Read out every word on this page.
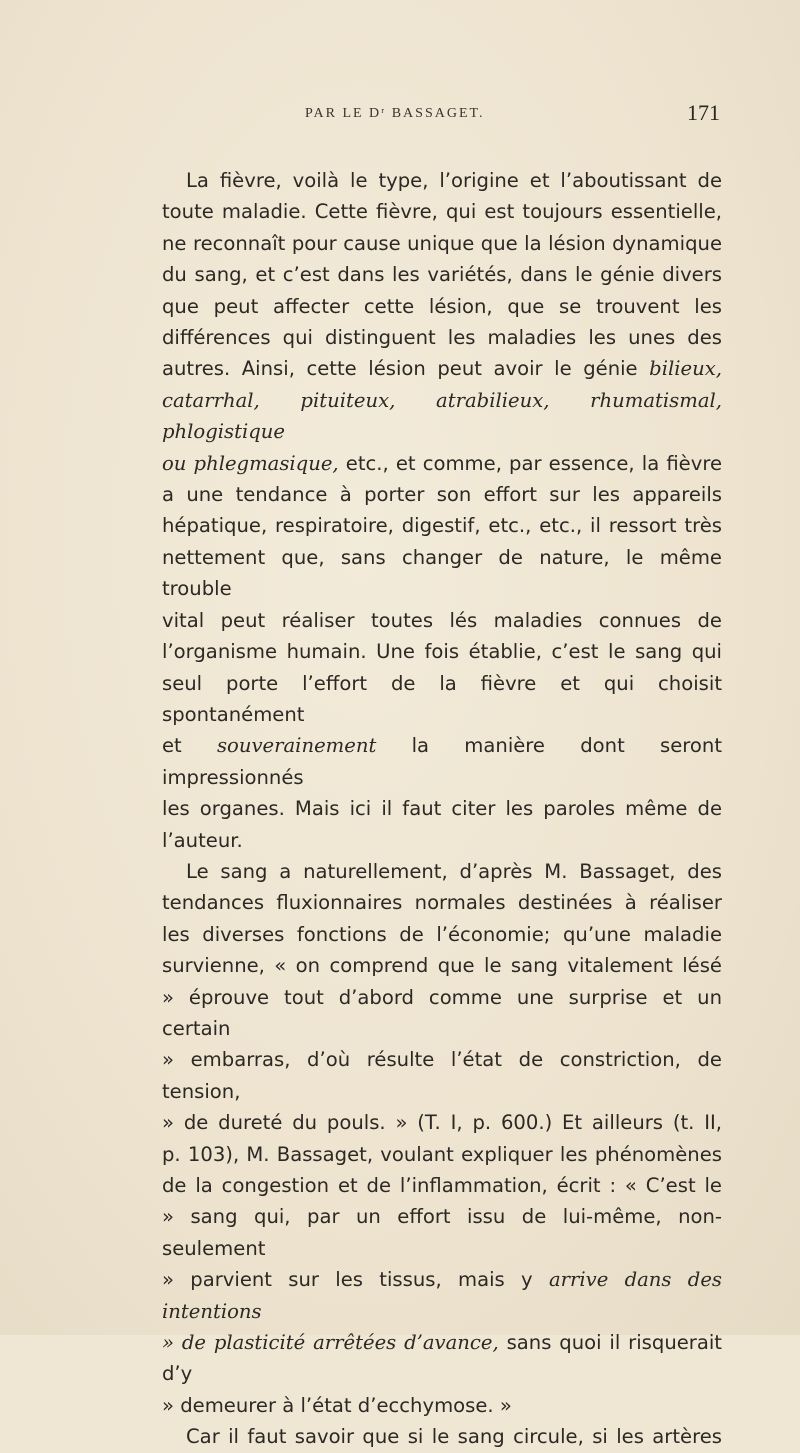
PAR LE Dʳ BASSAGET.	171

La fièvre, voilà le type, l’origine et l’aboutissant de

toute maladie. Cette fièvre, qui est toujours essentielle,

ne reconnaît pour cause unique que la lésion dynamique

du sang, et c’est dans les variétés, dans le génie divers

que peut affecter cette lésion, que se trouvent les

différences qui distinguent les maladies les unes des

autres. Ainsi, cette lésion peut avoir le génie bilieux,

catarrhal, pituiteux, atrabilieux, rhumatismal, phlogistique

ou phlegmasique, etc., et comme, par essence, la fièvre

a une tendance à porter son effort sur les appareils

hépatique, respiratoire, digestif, etc., etc., il ressort très

nettement que, sans changer de nature, le même trouble

vital peut réaliser toutes lés maladies connues de

l’organisme humain. Une fois établie, c’est le sang qui

seul porte l’effort de la fièvre et qui choisit spontanément

et souverainement la manière dont seront impressionnés

les organes. Mais ici il faut citer les paroles même de

l’auteur.

Le sang a naturellement, d’après M. Bassaget, des

tendances fluxionnaires normales destinées à réaliser

les diverses fonctions de l’économie; qu’une maladie

survienne, « on comprend que le sang vitalement lésé

» éprouve tout d’abord comme une surprise et un certain

» embarras, d’où résulte l’état de constriction, de tension,

» de dureté du pouls. » (T. I, p. 600.) Et ailleurs (t. II,

p. 103), M. Bassaget, voulant expliquer les phénomènes

de la congestion et de l’inflammation, écrit : « C’est le

» sang qui, par un effort issu de lui-même, non-seulement

» parvient sur les tissus, mais y arrive dans des intentions

» de plasticité arrêtées d’avance, sans quoi il risquerait d’y

» demeurer à l’état d’ecchymose. »

Car il faut savoir que si le sang circule, si les artères
